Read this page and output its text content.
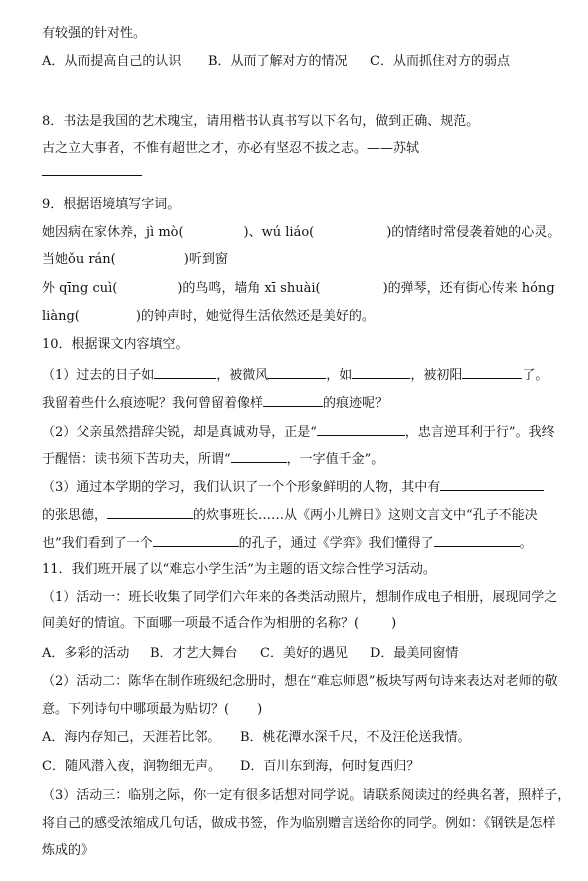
有较强的针对性。
A．从而提高自己的认识 B．从而了解对方的情况 C．从而抓住对方的弱点
8．书法是我国的艺术瑰宝，请用楷书认真书写以下名句，做到正确、规范。
古之立大事者，不惟有超世之才，亦必有坚忍不拔之志。——苏轼
9．根据语境填写字词。
她因病在家休养，jì mò(	)、wú liáo(	)的情绪时常侵袭着她的心灵。
当她ǒu rán(	)听到窗
外 qīng cuì(	)的鸟鸣，墙角 xī shuài(	)的弹琴，还有街心传来 hóng
liàng(	)的钟声时，她觉得生活依然还是美好的。
10．根据课文内容填空。
（1）过去的日子如	，被微风	，如	，被初阳	了。
我留着些什么痕迹呢？我何曾留着像样	的痕迹呢？
（2）父亲虽然措辞尖锐，却是真诚劝导，正是“	，忠言逆耳利于行”。我终
于醒悟：读书须下苦功夫，所谓“	，一字值千金”。
（3）通过本学期的学习，我们认识了一个个形象鲜明的人物，其中有
的张思德，	的炊事班长……从《两小儿辨日》这则文言文中“孔子不能决
也”我们看到了一个	的孔子，通过《学弈》我们懂得了	。
11．我们班开展了以“难忘小学生活”为主题的语文综合性学习活动。
（1）活动一：班长收集了同学们六年来的各类活动照片，想制作成电子相册，展现同学之
间美好的情谊。下面哪一项最不适合作为相册的名称？( )
A．多彩的活动 B．才艺大舞台 C．美好的遇见 D．最美同窗情
（2）活动二：陈华在制作班级纪念册时，想在“难忘师恩”板块写两句诗来表达对老师的敬
意。下列诗句中哪项最为贴切？( )
A．海内存知己，天涯若比邻。 B．桃花潭水深千尺，不及汪伦送我情。
C．随风潜入夜，润物细无声。 D．百川东到海，何时复西归？
（3）活动三：临别之际，你一定有很多话想对同学说。请联系阅读过的经典名著，照样子，
将自己的感受浓缩成几句话，做成书签，作为临别赠言送给你的同学。例如：《钢铁是怎样
炼成的》
